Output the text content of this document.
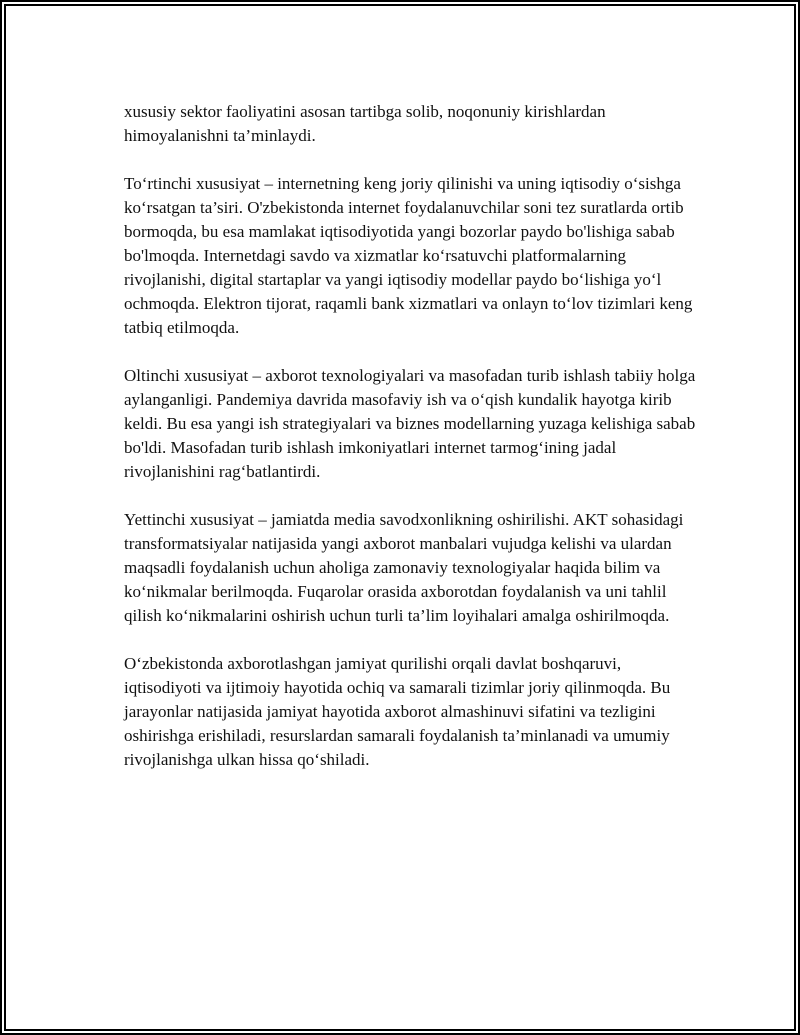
xususiy sektor faoliyatini asosan tartibga solib, noqonuniy kirishlardan himoyalanishni ta’minlaydi.

To‘rtinchi xususiyat – internetning keng joriy qilinishi va uning iqtisodiy o‘sishga ko‘rsatgan ta’siri. O'zbekistonda internet foydalanuvchilar soni tez suratlarda ortib bormoqda, bu esa mamlakat iqtisodiyotida yangi bozorlar paydo bo'lishiga sabab bo'lmoqda. Internetdagi savdo va xizmatlar ko‘rsatuvchi platformalarning rivojlanishi, digital startaplar va yangi iqtisodiy modellar paydo bo‘lishiga yo‘l ochmoqda. Elektron tijorat, raqamli bank xizmatlari va onlayn to‘lov tizimlari keng tatbiq etilmoqda.

Oltinchi xususiyat – axborot texnologiyalari va masofadan turib ishlash tabiiy holga aylanganligi. Pandemiya davrida masofaviy ish va o‘qish kundalik hayotga kirib keldi. Bu esa yangi ish strategiyalari va biznes modellarning yuzaga kelishiga sabab bo'ldi. Masofadan turib ishlash imkoniyatlari internet tarmog‘ining jadal rivojlanishini rag‘batlantirdi.

Yettinchi xususiyat – jamiatda media savodxonlikning oshirilishi. AKT sohasidagi transformatsiyalar natijasida yangi axborot manbalari vujudga kelishi va ulardan maqsadli foydalanish uchun aholiga zamonaviy texnologiyalar haqida bilim va ko‘nikmalar berilmoqda. Fuqarolar orasida axborotdan foydalanish va uni tahlil qilish ko‘nikmalarini oshirish uchun turli ta’lim loyihalari amalga oshirilmoqda.

O‘zbekistonda axborotlashgan jamiyat qurilishi orqali davlat boshqaruvi, iqtisodiyoti va ijtimoiy hayotida ochiq va samarali tizimlar joriy qilinmoqda. Bu jarayonlar natijasida jamiyat hayotida axborot almashinuvi sifatini va tezligini oshirishga erishiladi, resurslardan samarali foydalanish ta’minlanadi va umumiy rivojlanishga ulkan hissa qo‘shiladi.
